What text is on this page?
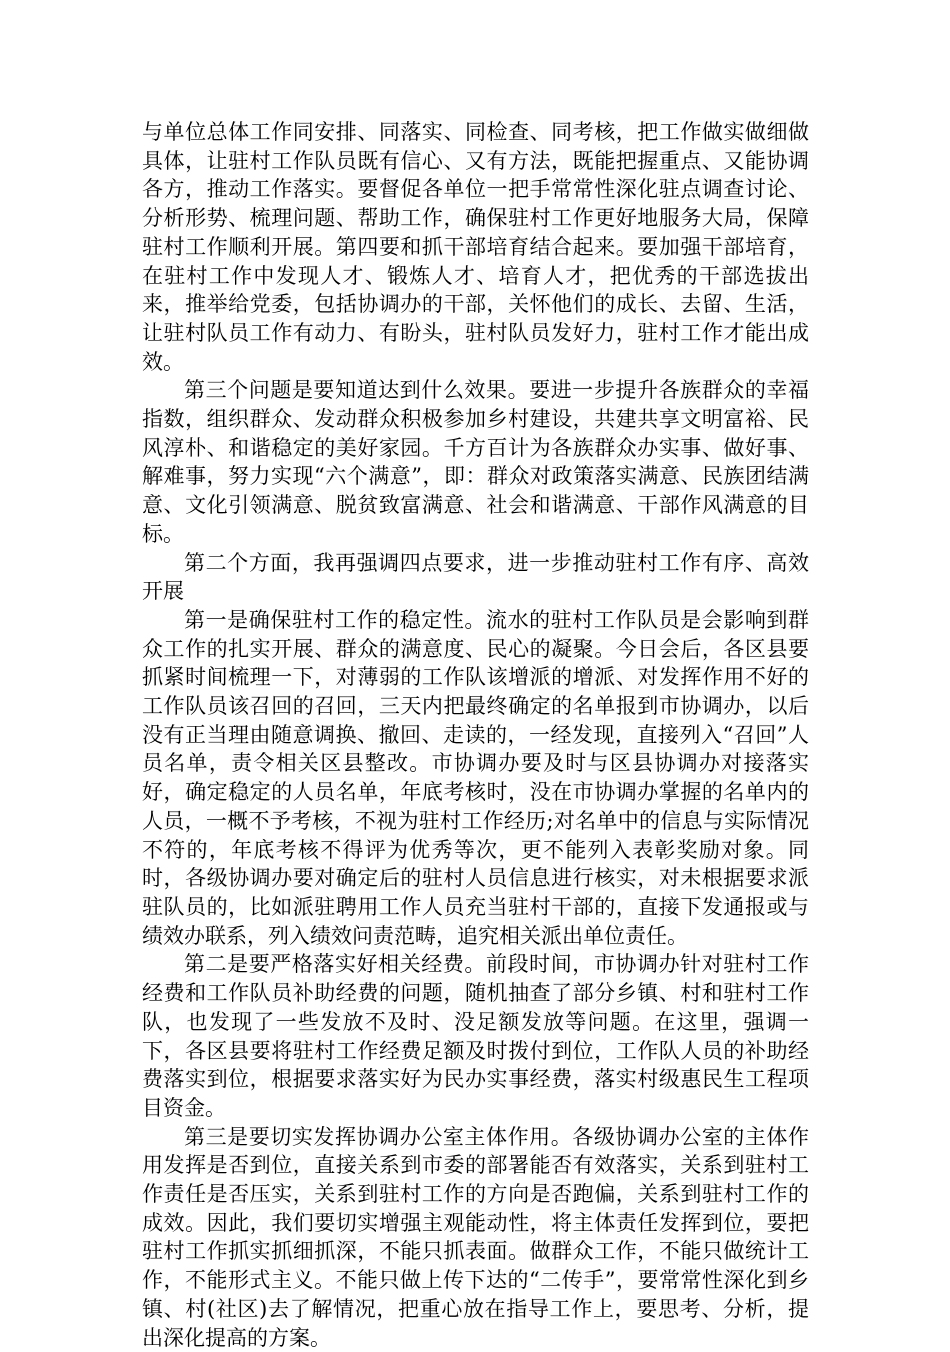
与单位总体工作同安排、同落实、同检查、同考核，把工作做实做细做具体，让驻村工作队员既有信心、又有方法，既能把握重点、又能协调各方，推动工作落实。要督促各单位一把手常常性深化驻点调查讨论、分析形势、梳理问题、帮助工作，确保驻村工作更好地服务大局，保障驻村工作顺利开展。第四要和抓干部培育结合起来。要加强干部培育，在驻村工作中发现人才、锻炼人才、培育人才，把优秀的干部选拔出来，推举给党委，包括协调办的干部，关怀他们的成长、去留、生活，让驻村队员工作有动力、有盼头，驻村队员发好力，驻村工作才能出成效。

第三个问题是要知道达到什么效果。要进一步提升各族群众的幸福指数，组织群众、发动群众积极参加乡村建设，共建共享文明富裕、民风淳朴、和谐稳定的美好家园。千方百计为各族群众办实事、做好事、解难事，努力实现“六个满意”，即：群众对政策落实满意、民族团结满意、文化引领满意、脱贫致富满意、社会和谐满意、干部作风满意的目标。

第二个方面，我再强调四点要求，进一步推动驻村工作有序、高效开展

第一是确保驻村工作的稳定性。流水的驻村工作队员是会影响到群众工作的扎实开展、群众的满意度、民心的凝聚。今日会后，各区县要抓紧时间梳理一下，对薄弱的工作队该增派的增派、对发挥作用不好的工作队员该召回的召回，三天内把最终确定的名单报到市协调办，以后没有正当理由随意调换、撤回、走读的，一经发现，直接列入“召回”人员名单，责令相关区县整改。市协调办要及时与区县协调办对接落实好，确定稳定的人员名单，年底考核时，没在市协调办掌握的名单内的人员，一概不予考核，不视为驻村工作经历;对名单中的信息与实际情况不符的，年底考核不得评为优秀等次，更不能列入表彰奖励对象。同时，各级协调办要对确定后的驻村人员信息进行核实，对未根据要求派驻队员的，比如派驻聘用工作人员充当驻村干部的，直接下发通报或与绩效办联系，列入绩效问责范畴，追究相关派出单位责任。

第二是要严格落实好相关经费。前段时间，市协调办针对驻村工作经费和工作队员补助经费的问题，随机抽查了部分乡镇、村和驻村工作队，也发现了一些发放不及时、没足额发放等问题。在这里，强调一下，各区县要将驻村工作经费足额及时拨付到位，工作队人员的补助经费落实到位，根据要求落实好为民办实事经费，落实村级惠民生工程项目资金。

第三是要切实发挥协调办公室主体作用。各级协调办公室的主体作用发挥是否到位，直接关系到市委的部署能否有效落实，关系到驻村工作责任是否压实，关系到驻村工作的方向是否跑偏，关系到驻村工作的成效。因此，我们要切实增强主观能动性，将主体责任发挥到位，要把驻村工作抓实抓细抓深，不能只抓表面。做群众工作，不能只做统计工作，不能形式主义。不能只做上传下达的“二传手”，要常常性深化到乡镇、村(社区)去了解情况，把重心放在指导工作上，要思考、分析，提出深化提高的方案。
